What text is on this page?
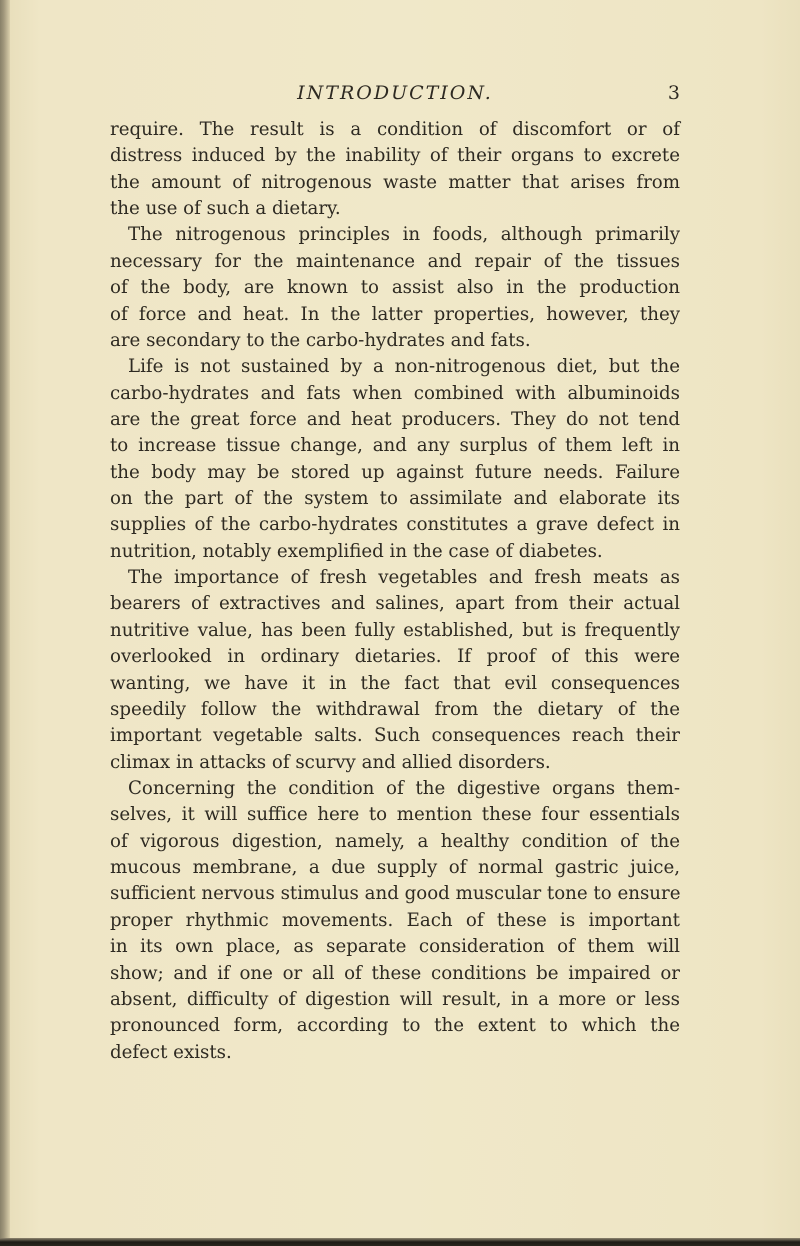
INTRODUCTION.	3
require. The result is a condition of discomfort or of
distress induced by the inability of their organs to excrete
the amount of nitrogenous waste matter that arises from
the use of such a dietary.
The nitrogenous principles in foods, although primarily
necessary for the maintenance and repair of the tissues
of the body, are known to assist also in the production
of force and heat. In the latter properties, however, they
are secondary to the carbo-hydrates and fats.
Life is not sustained by a non-nitrogenous diet, but the
carbo-hydrates and fats when combined with albuminoids
are the great force and heat producers. They do not tend
to increase tissue change, and any surplus of them left in
the body may be stored up against future needs. Failure
on the part of the system to assimilate and elaborate its
supplies of the carbo-hydrates constitutes a grave defect in
nutrition, notably exemplified in the case of diabetes.
The importance of fresh vegetables and fresh meats as
bearers of extractives and salines, apart from their actual
nutritive value, has been fully established, but is frequently
overlooked in ordinary dietaries. If proof of this were
wanting, we have it in the fact that evil consequences
speedily follow the withdrawal from the dietary of the
important vegetable salts. Such consequences reach their
climax in attacks of scurvy and allied disorders.
Concerning the condition of the digestive organs them-
selves, it will suffice here to mention these four essentials
of vigorous digestion, namely, a healthy condition of the
mucous membrane, a due supply of normal gastric juice,
sufficient nervous stimulus and good muscular tone to ensure
proper rhythmic movements. Each of these is important
in its own place, as separate consideration of them will
show; and if one or all of these conditions be impaired or
absent, difficulty of digestion will result, in a more or less
pronounced form, according to the extent to which the
defect exists.
